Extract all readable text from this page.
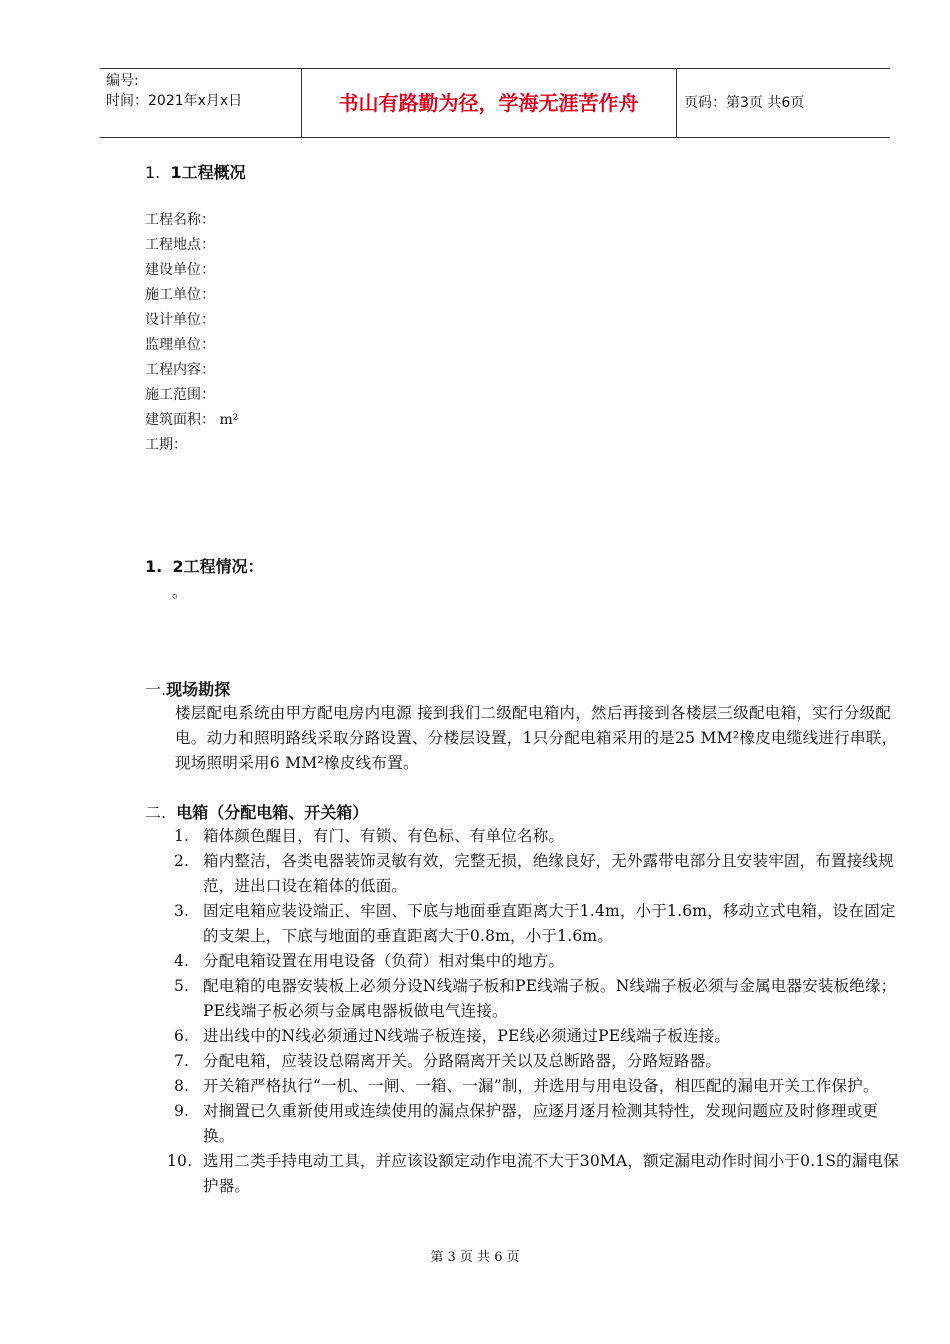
编号:
时间：2021年x月x日	书山有路勤为径，学海无涯苦作舟	页码：第3页 共6页
1. 1工程概况
工程名称：
工程地点：
建设单位：
施工单位：
设计单位：
监理单位：
工程内容：
施工范围：
建筑面积： m²
工期：
1. 2工程情况：
。
一.现场勘探
楼层配电系统由甲方配电房内电源 接到我们二级配电箱内，然后再接到各楼层三级配电箱，实行分级配电。动力和照明路线采取分路设置、分楼层设置，1只分配电箱采用的是25 MM²橡皮电缆线进行串联，现场照明采用6 MM²橡皮线布置。
二. 电箱（分配电箱、开关箱）
1. 箱体颜色醒目，有门、有锁、有色标、有单位名称。
2. 箱内整洁，各类电器装饰灵敏有效，完整无损，绝缘良好，无外露带电部分且安装牢固，布置接线规范，进出口设在箱体的低面。
3. 固定电箱应装设端正、牢固、下底与地面垂直距离大于1.4m，小于1.6m，移动立式电箱，设在固定的支架上，下底与地面的垂直距离大于0.8m，小于1.6m。
4. 分配电箱设置在用电设备（负荷）相对集中的地方。
5. 配电箱的电器安装板上必须分设N线端子板和PE线端子板。N线端子板必须与金属电器安装板绝缘；PE线端子板必须与金属电器板做电气连接。
6. 进出线中的N线必须通过N线端子板连接，PE线必须通过PE线端子板连接。
7. 分配电箱，应装设总隔离开关。分路隔离开关以及总断路器，分路短路器。
8. 开关箱严格执行“一机、一闸、一箱、一漏”制，并选用与用电设备，相匹配的漏电开关工作保护。
9. 对搁置已久重新使用或连续使用的漏点保护器，应逐月逐月检测其特性，发现问题应及时修理或更换。
10. 选用二类手持电动工具，并应该设额定动作电流不大于30MA，额定漏电动作时间小于0.1S的漏电保护器。
第 3 页 共 6 页
